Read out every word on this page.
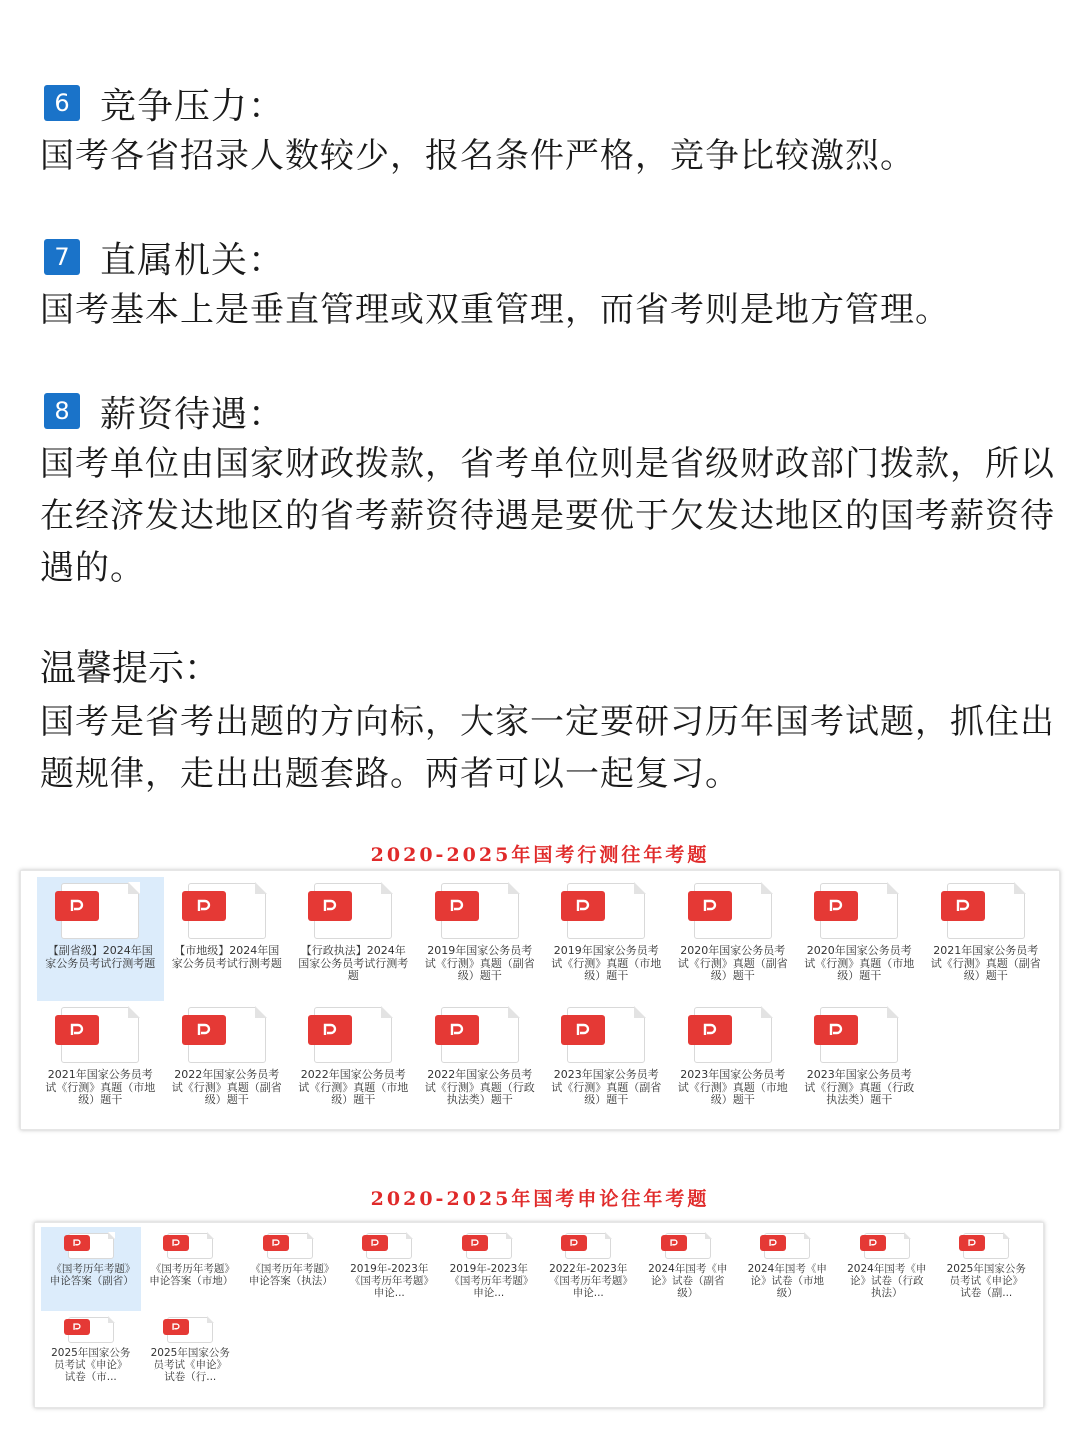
6 竞争压力：
国考各省招录人数较少，报名条件严格，竞争比较激烈。
7 直属机关：
国考基本上是垂直管理或双重管理，而省考则是地方管理。
8 薪资待遇：
国考单位由国家财政拨款，省考单位则是省级财政部门拨款，所以在经济发达地区的省考薪资待遇是要优于欠发达地区的国考薪资待遇的。
温馨提示：
国考是省考出题的方向标，大家一定要研习历年国考试题，抓住出题规律，走出出题套路。两者可以一起复习。
2020-2025年国考行测往年考题
【副省级】2024年国家公务员考试行测考题
【市地级】2024年国家公务员考试行测考题
【行政执法】2024年国家公务员考试行测考题
2019年国家公务员考试《行测》真题（副省级）题干
2019年国家公务员考试《行测》真题（市地级）题干
2020年国家公务员考试《行测》真题（副省级）题干
2020年国家公务员考试《行测》真题（市地级）题干
2021年国家公务员考试《行测》真题（副省级）题干
2021年国家公务员考试《行测》真题（市地级）题干
2022年国家公务员考试《行测》真题（副省级）题干
2022年国家公务员考试《行测》真题（市地级）题干
2022年国家公务员考试《行测》真题（行政执法类）题干
2023年国家公务员考试《行测》真题（副省级）题干
2023年国家公务员考试《行测》真题（市地级）题干
2023年国家公务员考试《行测》真题（行政执法类）题干
2020-2025年国考申论往年考题
《国考历年考题》申论答案（副省）
《国考历年考题》申论答案（市地）
《国考历年考题》申论答案（执法）
2019年-2023年《国考历年考题》申论...
2019年-2023年《国考历年考题》申论...
2022年-2023年《国考历年考题》申论...
2024年国考《申论》试卷（副省级）
2024年国考《申论》试卷（市地级）
2024年国考《申论》试卷（行政执法）
2025年国家公务员考试《申论》试卷（副...
2025年国家公务员考试《申论》试卷（市...
2025年国家公务员考试《申论》试卷（行...
